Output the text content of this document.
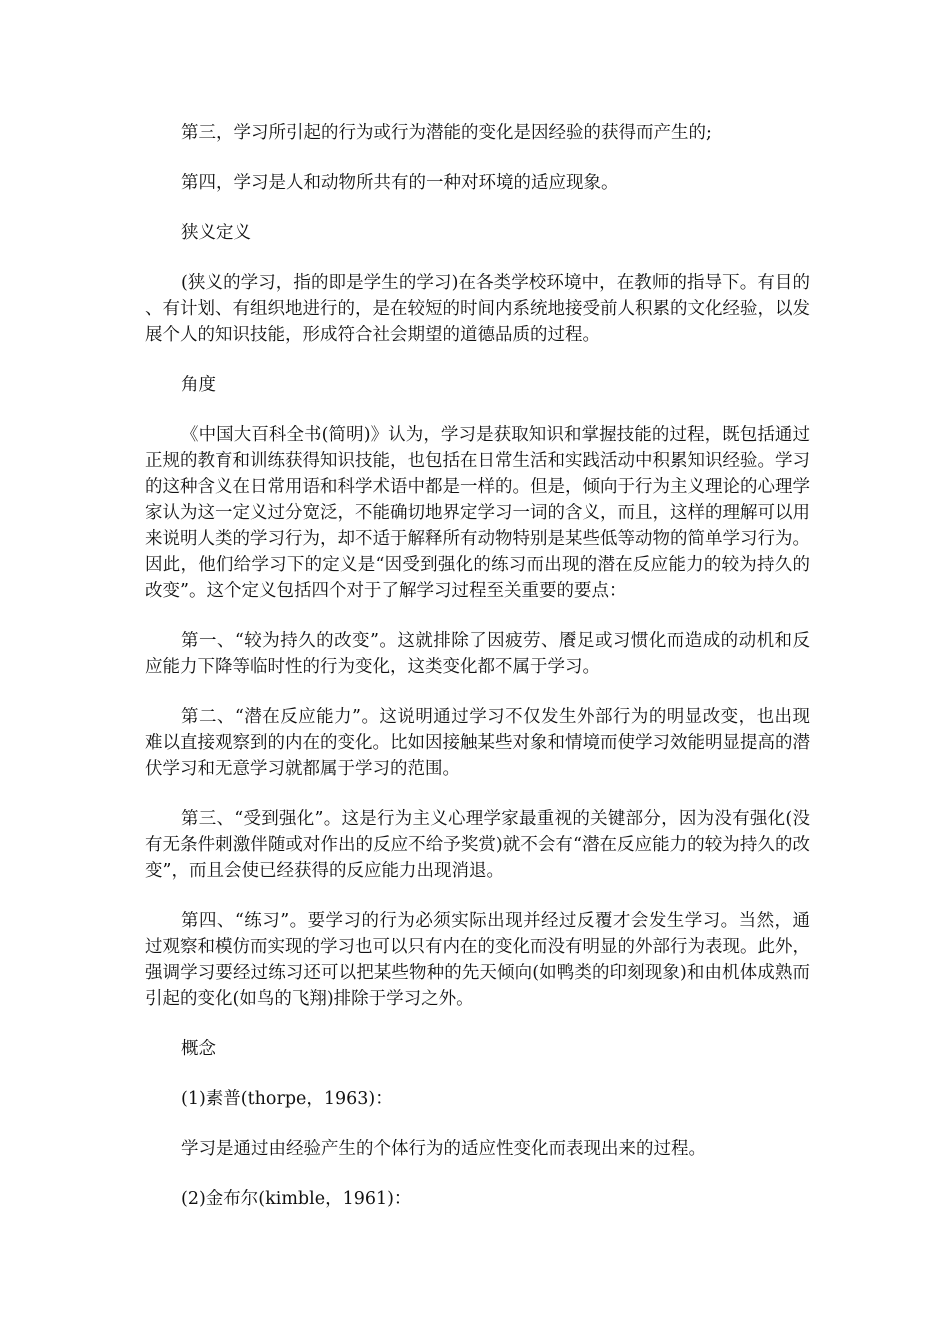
第三，学习所引起的行为或行为潜能的变化是因经验的获得而产生的;

第四，学习是人和动物所共有的一种对环境的适应现象。

狭义定义

(狭义的学习，指的即是学生的学习)在各类学校环境中，在教师的指导下。有目的、有计划、有组织地进行的，是在较短的时间内系统地接受前人积累的文化经验，以发展个人的知识技能，形成符合社会期望的道德品质的过程。

角度

《中国大百科全书(简明)》认为，学习是获取知识和掌握技能的过程，既包括通过正规的教育和训练获得知识技能，也包括在日常生活和实践活动中积累知识经验。学习的这种含义在日常用语和科学术语中都是一样的。但是，倾向于行为主义理论的心理学家认为这一定义过分宽泛，不能确切地界定学习一词的含义，而且，这样的理解可以用来说明人类的学习行为，却不适于解释所有动物特别是某些低等动物的简单学习行为。因此，他们给学习下的定义是“因受到强化的练习而出现的潜在反应能力的较为持久的改变”。这个定义包括四个对于了解学习过程至关重要的要点：

第一、“较为持久的改变”。这就排除了因疲劳、餍足或习惯化而造成的动机和反应能力下降等临时性的行为变化，这类变化都不属于学习。

第二、“潜在反应能力”。这说明通过学习不仅发生外部行为的明显改变，也出现难以直接观察到的内在的变化。比如因接触某些对象和情境而使学习效能明显提高的潜伏学习和无意学习就都属于学习的范围。

第三、“受到强化”。这是行为主义心理学家最重视的关键部分，因为没有强化(没有无条件刺激伴随或对作出的反应不给予奖赏)就不会有“潜在反应能力的较为持久的改变”，而且会使已经获得的反应能力出现消退。

第四、“练习”。要学习的行为必须实际出现并经过反覆才会发生学习。当然，通过观察和模仿而实现的学习也可以只有内在的变化而没有明显的外部行为表现。此外，强调学习要经过练习还可以把某些物种的先天倾向(如鸭类的印刻现象)和由机体成熟而引起的变化(如鸟的飞翔)排除于学习之外。

概念

(1)素普(thorpe，1963)：

学习是通过由经验产生的个体行为的适应性变化而表现出来的过程。

(2)金布尔(kimble，1961)：
